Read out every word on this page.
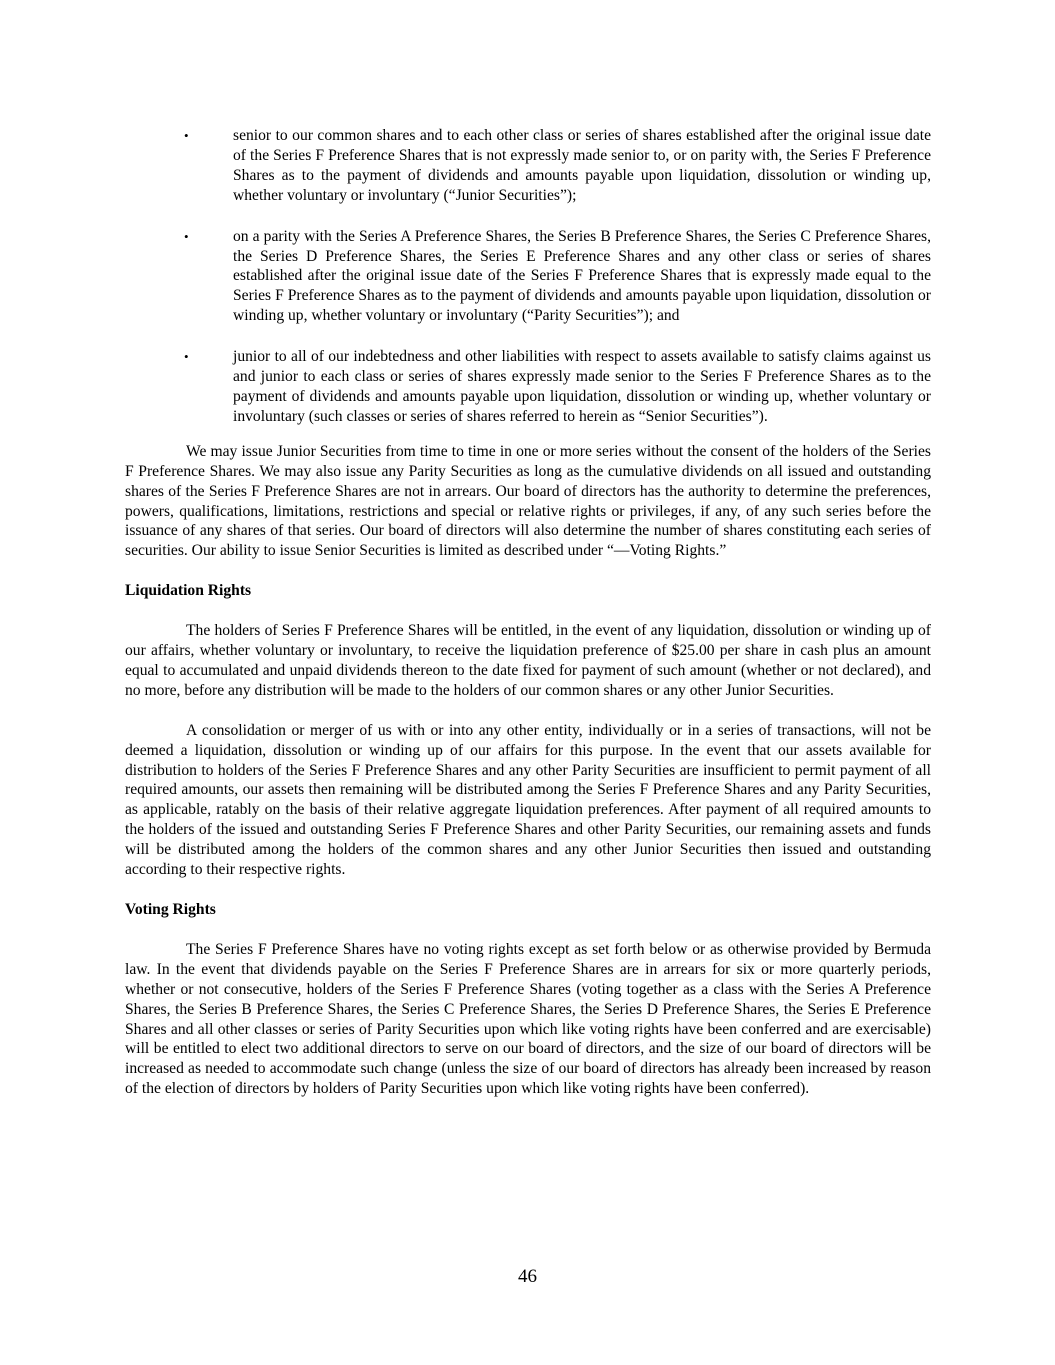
•	senior to our common shares and to each other class or series of shares established after the original issue date of the Series F Preference Shares that is not expressly made senior to, or on parity with, the Series F Preference Shares as to the payment of dividends and amounts payable upon liquidation, dissolution or winding up, whether voluntary or involuntary (“Junior Securities”);
•	on a parity with the Series A Preference Shares, the Series B Preference Shares, the Series C Preference Shares, the Series D Preference Shares, the Series E Preference Shares and any other class or series of shares established after the original issue date of the Series F Preference Shares that is expressly made equal to the Series F Preference Shares as to the payment of dividends and amounts payable upon liquidation, dissolution or winding up, whether voluntary or involuntary (“Parity Securities”); and
•	junior to all of our indebtedness and other liabilities with respect to assets available to satisfy claims against us and junior to each class or series of shares expressly made senior to the Series F Preference Shares as to the payment of dividends and amounts payable upon liquidation, dissolution or winding up, whether voluntary or involuntary (such classes or series of shares referred to herein as “Senior Securities”).

We may issue Junior Securities from time to time in one or more series without the consent of the holders of the Series F Preference Shares. We may also issue any Parity Securities as long as the cumulative dividends on all issued and outstanding shares of the Series F Preference Shares are not in arrears. Our board of directors has the authority to determine the preferences, powers, qualifications, limitations, restrictions and special or relative rights or privileges, if any, of any such series before the issuance of any shares of that series. Our board of directors will also determine the number of shares constituting each series of securities. Our ability to issue Senior Securities is limited as described under “—Voting Rights.”

Liquidation Rights

The holders of Series F Preference Shares will be entitled, in the event of any liquidation, dissolution or winding up of our affairs, whether voluntary or involuntary, to receive the liquidation preference of $25.00 per share in cash plus an amount equal to accumulated and unpaid dividends thereon to the date fixed for payment of such amount (whether or not declared), and no more, before any distribution will be made to the holders of our common shares or any other Junior Securities.

A consolidation or merger of us with or into any other entity, individually or in a series of transactions, will not be deemed a liquidation, dissolution or winding up of our affairs for this purpose. In the event that our assets available for distribution to holders of the Series F Preference Shares and any other Parity Securities are insufficient to permit payment of all required amounts, our assets then remaining will be distributed among the Series F Preference Shares and any Parity Securities, as applicable, ratably on the basis of their relative aggregate liquidation preferences. After payment of all required amounts to the holders of the issued and outstanding Series F Preference Shares and other Parity Securities, our remaining assets and funds will be distributed among the holders of the common shares and any other Junior Securities then issued and outstanding according to their respective rights.

Voting Rights

The Series F Preference Shares have no voting rights except as set forth below or as otherwise provided by Bermuda law. In the event that dividends payable on the Series F Preference Shares are in arrears for six or more quarterly periods, whether or not consecutive, holders of the Series F Preference Shares (voting together as a class with the Series A Preference Shares, the Series B Preference Shares, the Series C Preference Shares, the Series D Preference Shares, the Series E Preference Shares and all other classes or series of Parity Securities upon which like voting rights have been conferred and are exercisable) will be entitled to elect two additional directors to serve on our board of directors, and the size of our board of directors will be increased as needed to accommodate such change (unless the size of our board of directors has already been increased by reason of the election of directors by holders of Parity Securities upon which like voting rights have been conferred).

46
